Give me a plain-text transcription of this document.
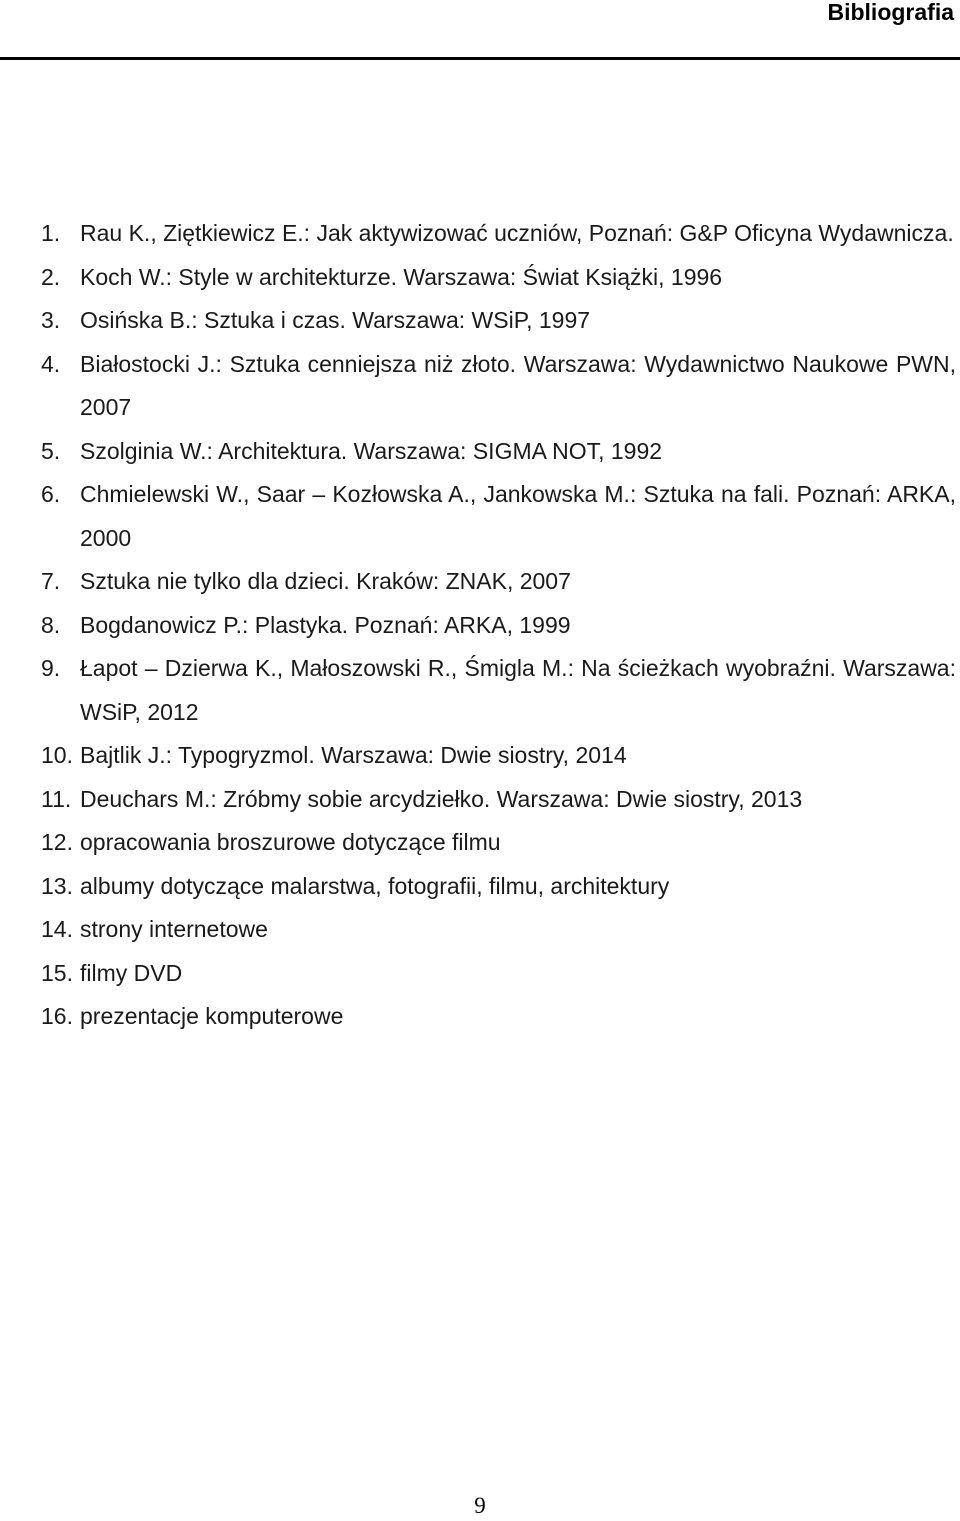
Bibliografia
1. Rau K., Ziętkiewicz E.: Jak aktywizować uczniów, Poznań: G&P Oficyna Wydawnicza.
2. Koch W.: Style w architekturze. Warszawa: Świat Książki, 1996
3. Osińska B.: Sztuka i czas. Warszawa: WSiP, 1997
4. Białostocki J.: Sztuka cenniejsza niż złoto. Warszawa: Wydawnictwo Naukowe PWN, 2007
5. Szolginia W.: Architektura. Warszawa: SIGMA NOT, 1992
6. Chmielewski W., Saar – Kozłowska A., Jankowska M.: Sztuka na fali. Poznań: ARKA, 2000
7. Sztuka nie tylko dla dzieci. Kraków: ZNAK, 2007
8. Bogdanowicz P.: Plastyka. Poznań: ARKA, 1999
9. Łapot – Dzierwa K., Małoszowski R., Śmigla M.: Na ścieżkach wyobraźni. Warszawa: WSiP, 2012
10. Bajtlik J.: Typogryzmol. Warszawa: Dwie siostry, 2014
11. Deuchars M.: Zróbmy sobie arcydziełko. Warszawa: Dwie siostry, 2013
12. opracowania broszurowe dotyczące filmu
13. albumy dotyczące malarstwa, fotografii, filmu, architektury
14. strony internetowe
15. filmy DVD
16. prezentacje komputerowe
9
